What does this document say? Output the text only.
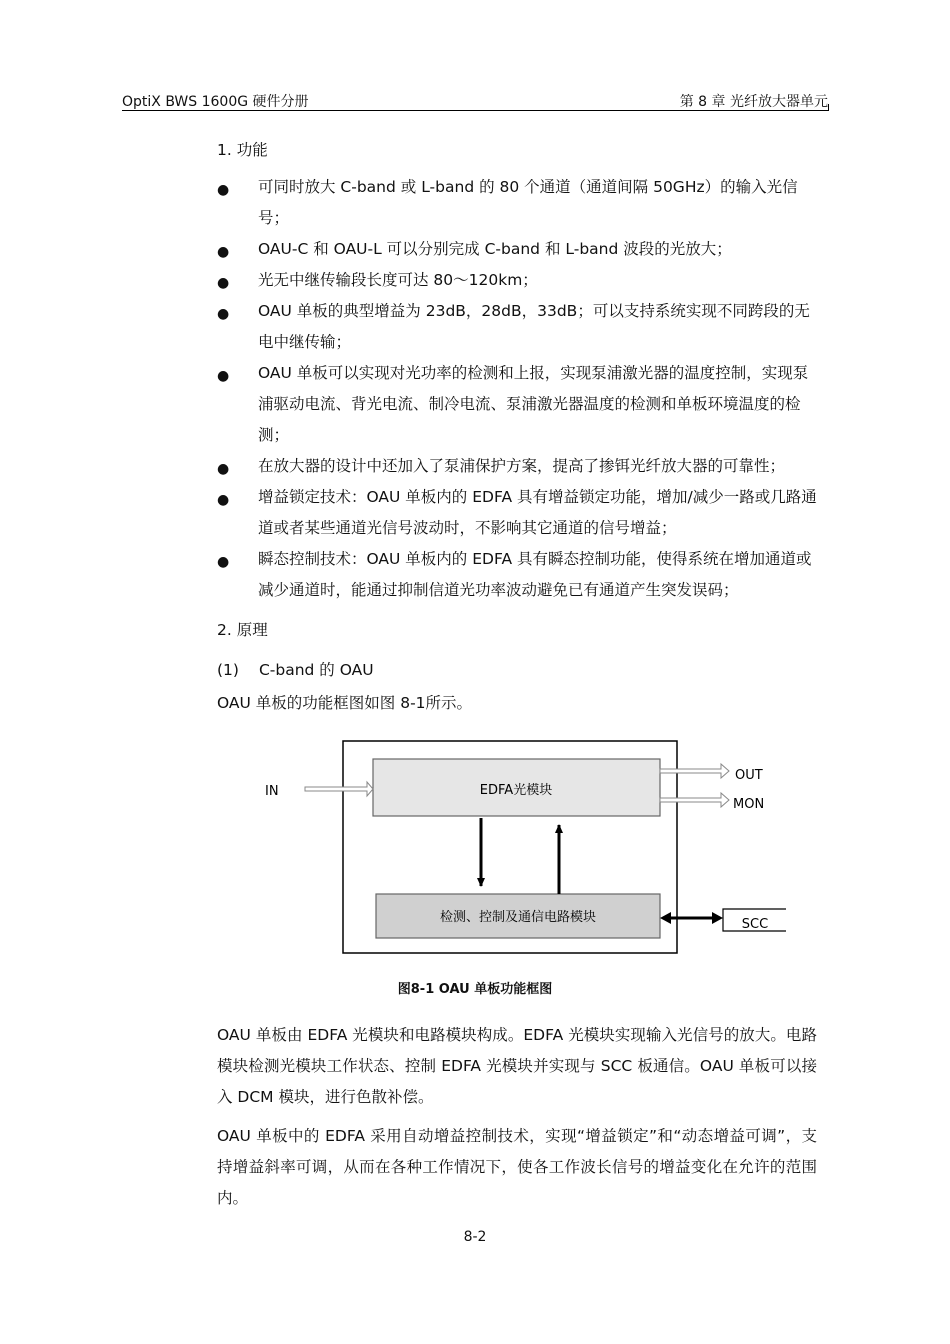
OptiX BWS 1600G 硬件分册	第 8 章 光纤放大器单元
1. 功能
● 可同时放大 C-band 或 L-band 的 80 个通道（通道间隔 50GHz）的输入光信号；
● OAU-C 和 OAU-L 可以分别完成 C-band 和 L-band 波段的光放大；
● 光无中继传输段长度可达 80～120km；
● OAU 单板的典型增益为 23dB，28dB，33dB；可以支持系统实现不同跨段的无电中继传输；
● OAU 单板可以实现对光功率的检测和上报，实现泵浦激光器的温度控制，实现泵浦驱动电流、背光电流、制冷电流、泵浦激光器温度的检测和单板环境温度的检测；
● 在放大器的设计中还加入了泵浦保护方案，提高了掺铒光纤放大器的可靠性；
● 增益锁定技术：OAU 单板内的 EDFA 具有增益锁定功能，增加/减少一路或几路通道或者某些通道光信号波动时，不影响其它通道的信号增益；
● 瞬态控制技术：OAU 单板内的 EDFA 具有瞬态控制功能，使得系统在增加通道或减少通道时，能通过抑制信道光功率波动避免已有通道产生突发误码；
2. 原理
(1) C-band 的 OAU
OAU 单板的功能框图如图 8-1所示。
IN	EDFA光模块
OUT
MON
检测、控制及通信电路模块	SCC
图8-1 OAU 单板功能框图

OAU 单板由 EDFA 光模块和电路模块构成。EDFA 光模块实现输入光信号的放大。电路模块检测光模块工作状态、控制 EDFA 光模块并实现与 SCC 板通信。OAU 单板可以接入 DCM 模块，进行色散补偿。

OAU 单板中的 EDFA 采用自动增益控制技术，实现“增益锁定”和“动态增益可调”，支持增益斜率可调，从而在各种工作情况下，使各工作波长信号的增益变化在允许的范围内。

8-2
